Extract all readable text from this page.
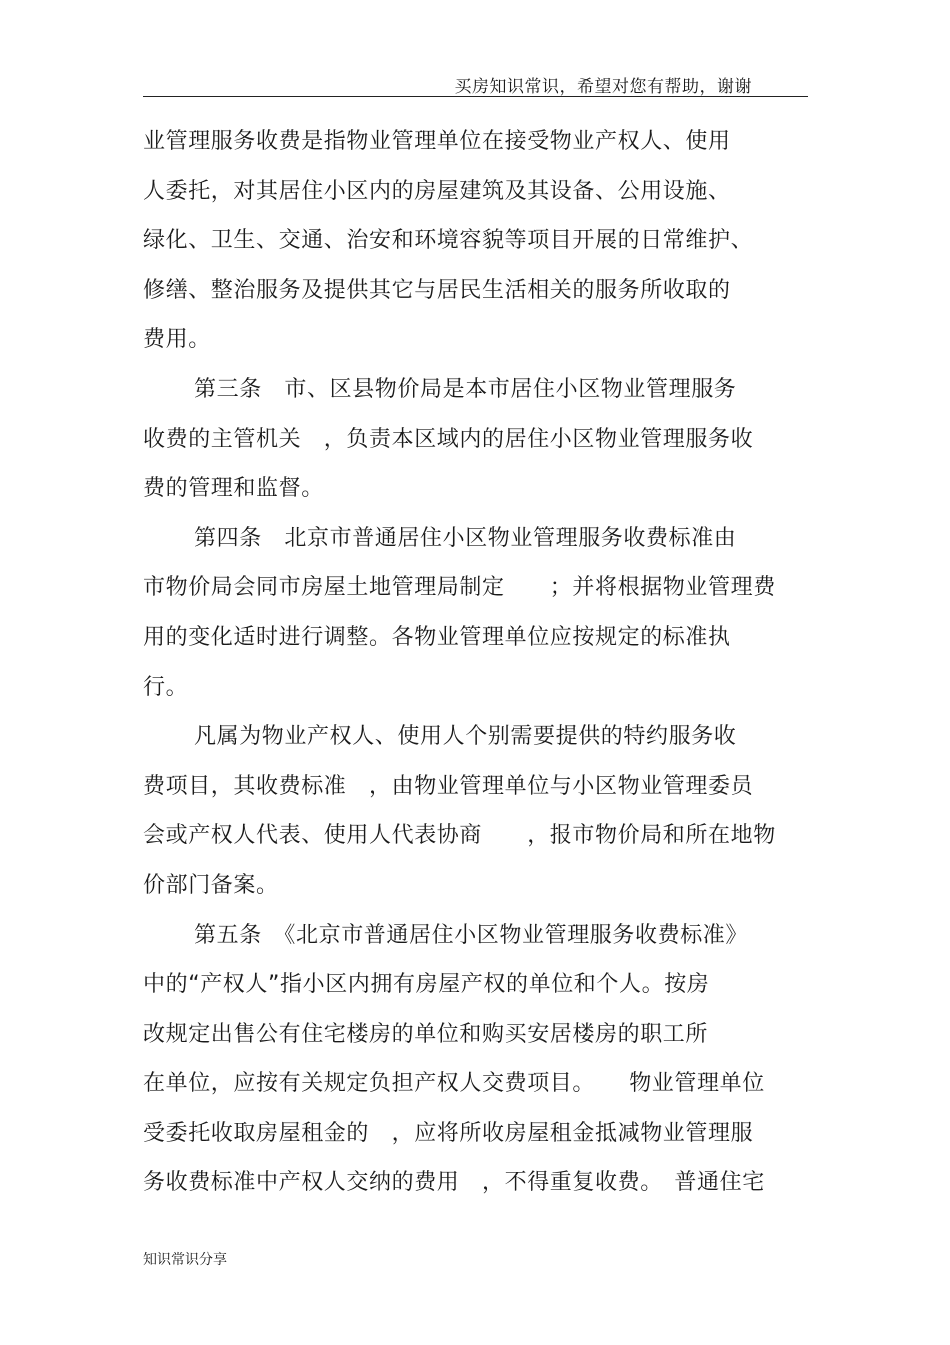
买房知识常识，希望对您有帮助，谢谢
业管理服务收费是指物业管理单位在接受物业产权人、使用
人委托，对其居住小区内的房屋建筑及其设备、公用设施、
绿化、卫生、交通、治安和环境容貌等项目开展的日常维护、
修缮、整治服务及提供其它与居民生活相关的服务所收取的
费用。
第三条　市、区县物价局是本市居住小区物业管理服务
收费的主管机关　，负责本区域内的居住小区物业管理服务收
费的管理和监督。
第四条　北京市普通居住小区物业管理服务收费标准由
市物价局会同市房屋土地管理局制定　　；并将根据物业管理费
用的变化适时进行调整。各物业管理单位应按规定的标准执
行。
凡属为物业产权人、使用人个别需要提供的特约服务收
费项目，其收费标准　，由物业管理单位与小区物业管理委员
会或产权人代表、使用人代表协商　　，报市物价局和所在地物
价部门备案。
第五条　《北京市普通居住小区物业管理服务收费标准》
中的“产权人”指小区内拥有房屋产权的单位和个人。按房
改规定出售公有住宅楼房的单位和购买安居楼房的职工所
在单位，应按有关规定负担产权人交费项目。　　物业管理单位
受委托收取房屋租金的　，应将所收房屋租金抵减物业管理服
务收费标准中产权人交纳的费用　，不得重复收费。　普通住宅
知识常识分享
